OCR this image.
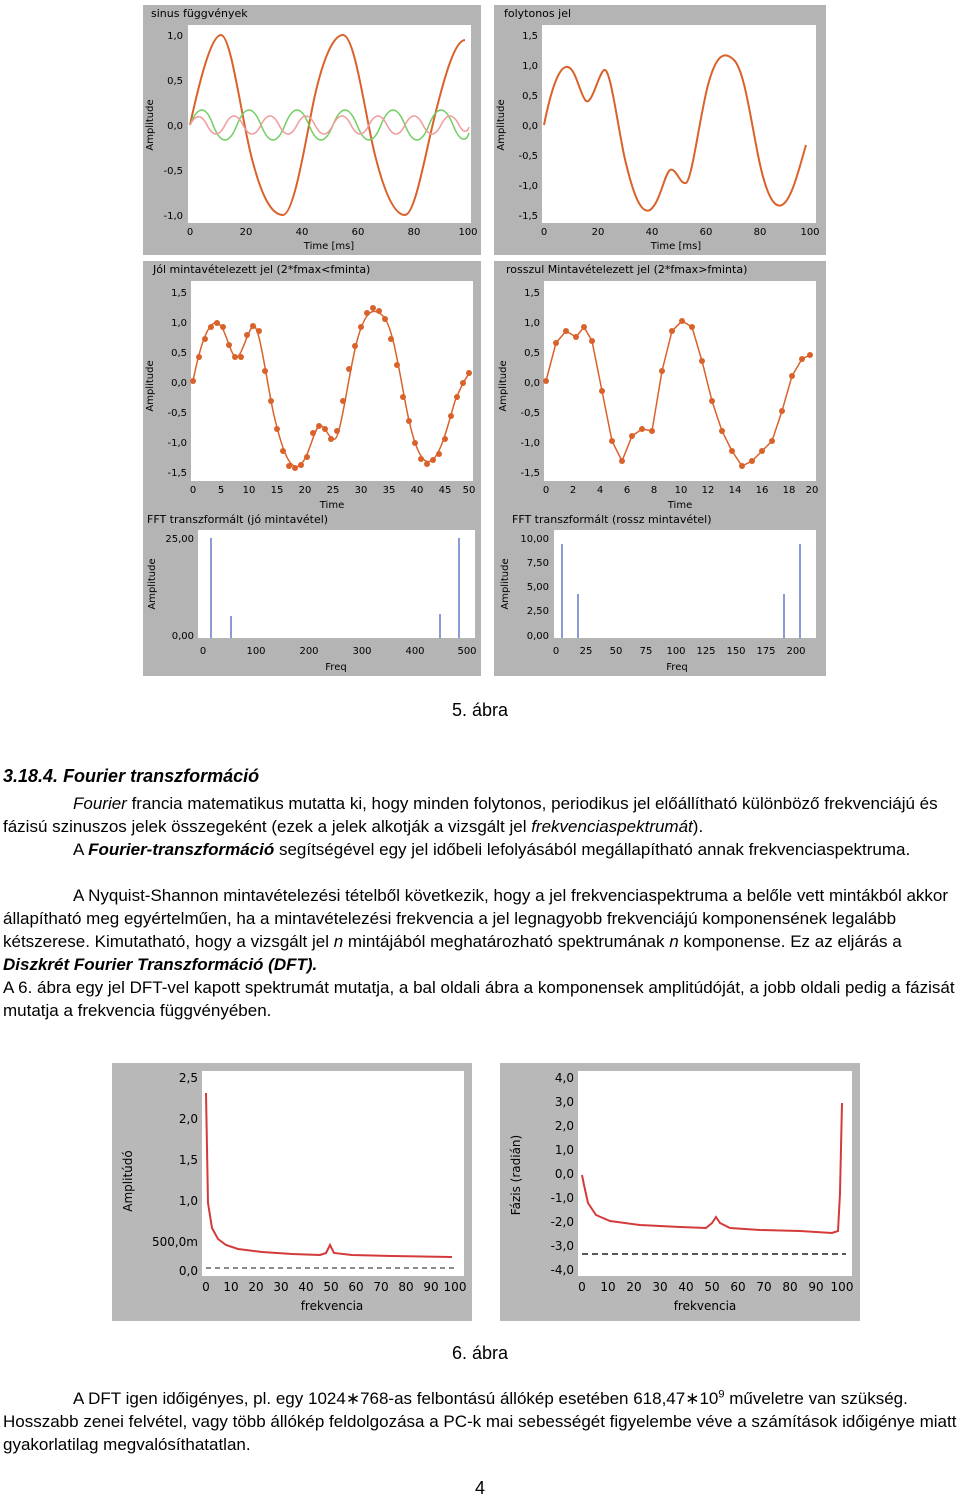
sinus függvények
Amplitude
1,0
0,5
0,0
-0,5
-1,0
0	20	40	60	80	100
Time [ms]
folytonos jel
Amplitude
1,5
1,0
0,5
0,0
-0,5
-1,0
-1,5
0	20	40	60	80	100
Time [ms]
Jól mintavételezett jel (2*fmax<fminta)
Amplitude
1,5
1,0
0,5
0,0
-0,5
-1,0
-1,5
0 5 10 15 20 25 30 35 40 45 50
Time
rosszul Mintavételezett jel (2*fmax>fminta)
Amplitude
1,5
1,0
0,5
0,0
-0,5
-1,0
-1,5
0 2 4 6 8 10 12 14 16 18 20
Time
FFT transzformált (jó mintavétel)
Amplitude
25,00
0,00
0	100	200	300	400	500
Freq
FFT transzformált (rossz mintavétel)
Amplitude
10,00
7,50
5,00
2,50
0,00
0 25 50 75 100 125 150 175 200
Freq
5. ábra
3.18.4. Fourier transzformáció
Fourier francia matematikus mutatta ki, hogy minden folytonos, periodikus jel előállítható különböző frekvenciájú és fázisú szinuszos jelek összegeként (ezek a jelek alkotják a vizsgált jel frekvenciaspektrumát).
A Fourier-transzformáció segítségével egy jel időbeli lefolyásából megállapítható annak frekvenciaspektruma.
A Nyquist-Shannon mintavételezési tételből következik, hogy a jel frekvenciaspektruma a belőle vett mintákból akkor állapítható meg egyértelműen, ha a mintavételezési frekvencia a jel legnagyobb frekvenciájú komponensének legalább kétszerese. Kimutatható, hogy a vizsgált jel n mintájából meghatározható spektrumának n komponense. Ez az eljárás a Diszkrét Fourier Transzformáció (DFT).
A 6. ábra egy jel DFT-vel kapott spektrumát mutatja, a bal oldali ábra a komponensek amplitúdóját, a jobb oldali pedig a fázisát mutatja a frekvencia függvényében.
Amplitúdó
2,5
2,0
1,5
1,0
500,0m
0,0
0 10 20 30 40 50 60 70 80 90 100
frekvencia
Fázis (radián)
4,0
3,0
2,0
1,0
0,0
-1,0
-2,0
-3,0
-4,0
0 10 20 30 40 50 60 70 80 90 100
frekvencia
6. ábra
A DFT igen időigényes, pl. egy 1024∗768-as felbontású állókép esetében $618,47∗10^9$ műveletre van szükség. Hosszabb zenei felvétel, vagy több állókép feldolgozása a PC-k mai sebességét figyelembe véve a számítások időigénye miatt gyakorlatilag megvalósíthatatlan.
4
